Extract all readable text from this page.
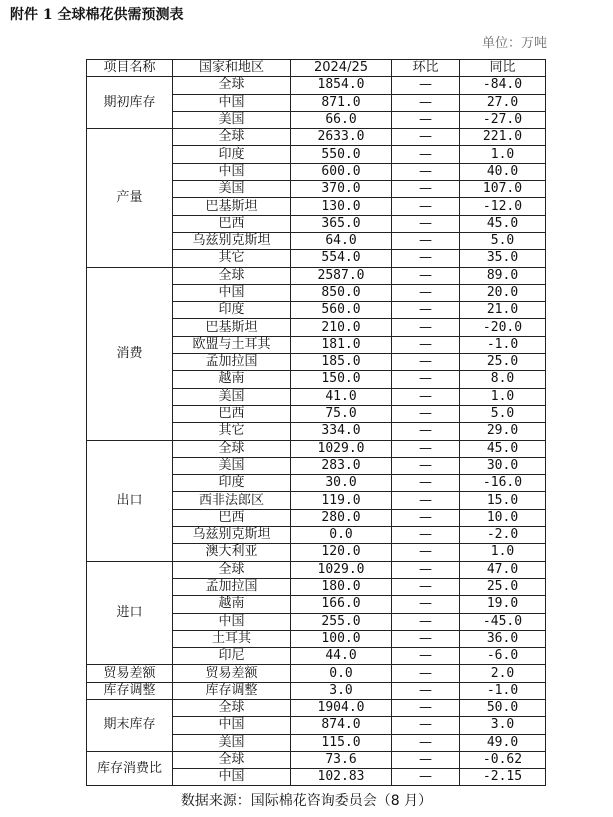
附件 1 全球棉花供需预测表
单位：万吨
项目名称	国家和地区	2024/25	环比	同比
期初库存	全球	1854.0	—	-84.0
	中国	871.0	—	27.0
	美国	66.0	—	-27.0
产量	全球	2633.0	—	221.0
	印度	550.0	—	1.0
	中国	600.0	—	40.0
	美国	370.0	—	107.0
	巴基斯坦	130.0	—	-12.0
	巴西	365.0	—	45.0
	乌兹别克斯坦	64.0	—	5.0
	其它	554.0	—	35.0
消费	全球	2587.0	—	89.0
	中国	850.0	—	20.0
	印度	560.0	—	21.0
	巴基斯坦	210.0	—	-20.0
	欧盟与土耳其	181.0	—	-1.0
	孟加拉国	185.0	—	25.0
	越南	150.0	—	8.0
	美国	41.0	—	1.0
	巴西	75.0	—	5.0
	其它	334.0	—	29.0
出口	全球	1029.0	—	45.0
	美国	283.0	—	30.0
	印度	30.0	—	-16.0
	西非法郎区	119.0	—	15.0
	巴西	280.0	—	10.0
	乌兹别克斯坦	0.0	—	-2.0
	澳大利亚	120.0	—	1.0
进口	全球	1029.0	—	47.0
	孟加拉国	180.0	—	25.0
	越南	166.0	—	19.0
	中国	255.0	—	-45.0
	土耳其	100.0	—	36.0
	印尼	44.0	—	-6.0
贸易差额	贸易差额	0.0	—	2.0
库存调整	库存调整	3.0	—	-1.0
期末库存	全球	1904.0	—	50.0
	中国	874.0	—	3.0
	美国	115.0	—	49.0
库存消费比	全球	73.6	—	-0.62
	中国	102.83	—	-2.15
数据来源：国际棉花咨询委员会（8 月）
